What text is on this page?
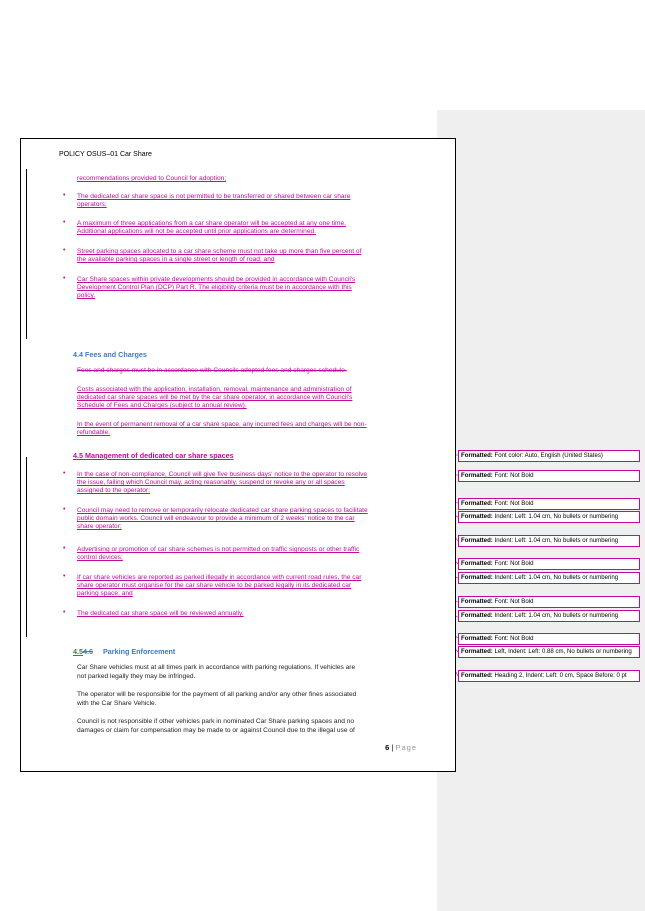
POLICY OSUS–01 Car Share
recommendations provided to Council for adoption;
• The dedicated car share space is not permitted to be transferred or shared between car share
operators;
• A maximum of three applications from a car share operator will be accepted at any one time.
Additional applications will not be accepted until prior applications are determined.
• Street parking spaces allocated to a car share scheme must not take up more than five percent of
the available parking spaces in a single street or length of road; and
• Car Share spaces within private developments should be provided in accordance with Council's
Development Control Plan (DCP) Part R. The eligibility criteria must be in accordance with this
policy.
4.4 Fees and Charges
Fees and charges must be in accordance with Councils adopted fees and charges schedule.
Costs associated with the application, installation, removal, maintenance and administration of
dedicated car share spaces will be met by the car share operator, in accordance with Council's
Schedule of Fees and Charges (subject to annual review).
In the event of permanent removal of a car share space, any incurred fees and charges will be non-
refundable.
4.5 Management of dedicated car share spaces
• In the case of non-compliance, Council will give five business days' notice to the operator to resolve
the issue, failing which Council may, acting reasonably, suspend or revoke any or all spaces
assigned to the operator;
• Council may need to remove or temporarily relocate dedicated car share parking spaces to facilitate
public domain works. Council will endeavour to provide a minimum of 2 weeks' notice to the car
share operator;
• Advertising or promotion of car share schemes is not permitted on traffic signposts or other traffic
control devices;
• If car share vehicles are reported as parked illegally in accordance with current road rules, the car
share operator must organise for the car share vehicle to be parked legally in its dedicated car
parking space; and
• The dedicated car share space will be reviewed annually.
4.54.6 Parking Enforcement
Car Share vehicles must at all times park in accordance with parking regulations. If vehicles are
not parked legally they may be infringed.
The operator will be responsible for the payment of all parking and/or any other fines associated
with the Car Share Vehicle.
Council is not responsible if other vehicles park in nominated Car Share parking spaces and no
damages or claim for compensation may be made to or against Council due to the illegal use of
6 | Page
Formatted: Font color: Auto, English (United States)
Formatted: Font: Not Bold
Formatted: Font: Not Bold
Formatted: Indent: Left: 1.04 cm, No bullets or numbering
Formatted: Indent: Left: 1.04 cm, No bullets or numbering
Formatted: Font: Not Bold
Formatted: Indent: Left: 1.04 cm, No bullets or numbering
Formatted: Font: Not Bold
Formatted: Indent: Left: 1.04 cm, No bullets or numbering
Formatted: Font: Not Bold
Formatted: Left, Indent: Left: 0.88 cm, No bullets or numbering
Formatted: Heading 2, Indent: Left: 0 cm, Space Before: 0 pt
